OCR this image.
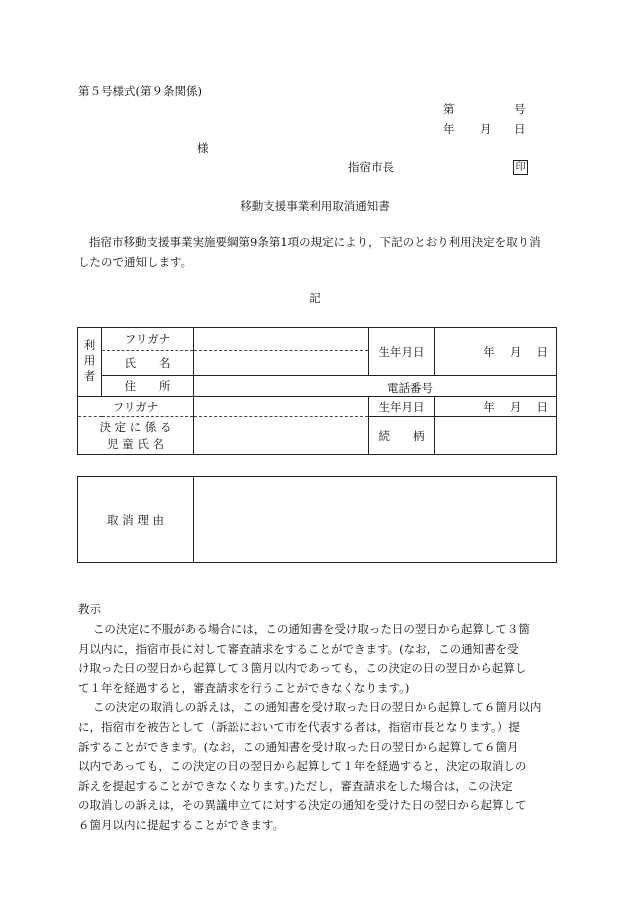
第５号様式(第９条関係)
第	号
年 月 日
様
指宿市長	印
移動支援事業利用取消通知書
指宿市移動支援事業実施要綱第9条第1項の規定により，下記のとおり利用決定を取り消
したので通知します。
記
利用者	フリガナ		生年月日	年　 月　 日
	氏　　名			
	住　　所	電話番号		
フリガナ			生年月日	年　 月　 日

決 定 に 係 る
児 童 氏 名			続　　柄	
取 消 理 由	
教示

この決定に不服がある場合には，この通知書を受け取った日の翌日から起算して３箇

月以内に，指宿市長に対して審査請求をすることができます。(なお，この通知書を受

け取った日の翌日から起算して３箇月以内であっても，この決定の日の翌日から起算し

て１年を経過すると，審査請求を行うことができなくなります。)

この決定の取消しの訴えは，この通知書を受け取った日の翌日から起算して６箇月以内

に，指宿市を被告として（訴訟において市を代表する者は，指宿市長となります。）提

訴することができます。(なお，この通知書を受け取った日の翌日から起算して６箇月

以内であっても，この決定の日の翌日から起算して１年を経過すると，決定の取消しの

訴えを提起することができなくなります。)ただし，審査請求をした場合は，この決定

の取消しの訴えは，その異議申立てに対する決定の通知を受けた日の翌日から起算して

６箇月以内に提起することができます。
